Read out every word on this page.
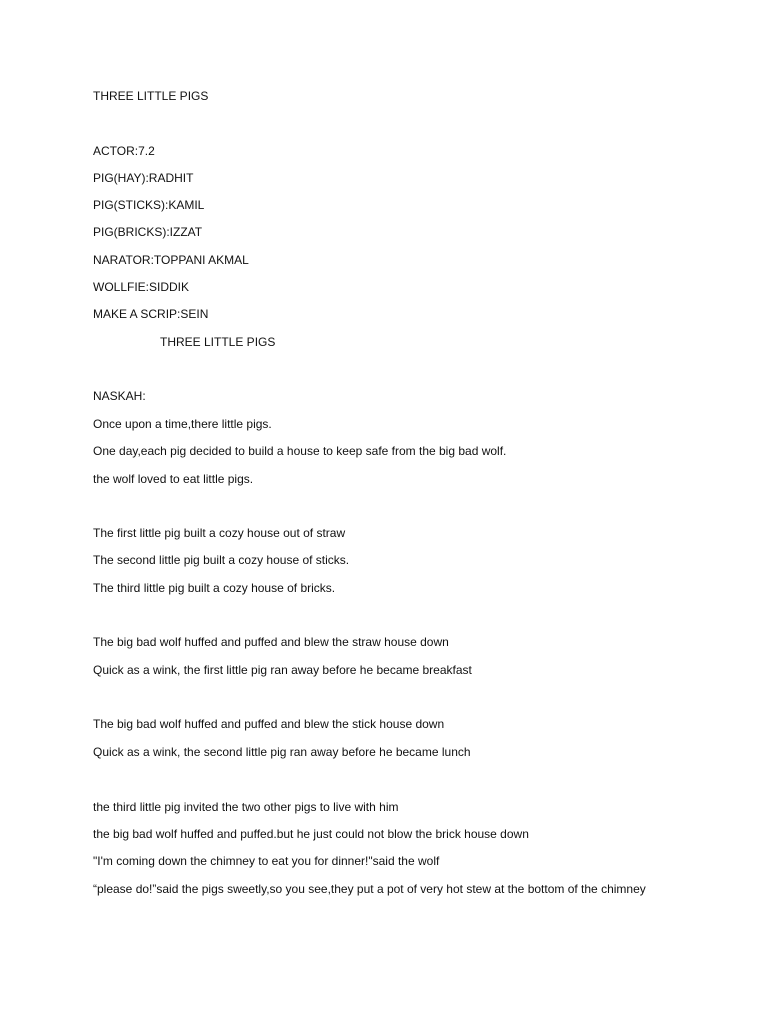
THREE LITTLE PIGS
ACTOR:7.2
PIG(HAY):RADHIT
PIG(STICKS):KAMIL
PIG(BRICKS):IZZAT
NARATOR:TOPPANI AKMAL
WOLLFIE:SIDDIK
MAKE A SCRIP:SEIN
THREE LITTLE PIGS
NASKAH:
Once upon a time,there little pigs.
One day,each pig decided to build a house to keep safe from the big bad wolf.
the wolf loved to eat little pigs.
The first little pig built a cozy house out of straw
The second little pig built a cozy house of sticks.
The third little pig built a cozy house of bricks.
The big bad wolf huffed and puffed and blew the straw house down
Quick as a wink, the first little pig ran away before he became breakfast
The big bad wolf huffed and puffed and blew the stick house down
Quick as a wink, the second little pig ran away before he became lunch
the third little pig invited the two other pigs to live with him
the big bad wolf huffed and puffed.but he just could not blow the brick house down
"I'm coming down the chimney to eat you for dinner!"said the wolf
“please do!”said the pigs sweetly,so you see,they put a pot of very hot stew at the bottom of the chimney
